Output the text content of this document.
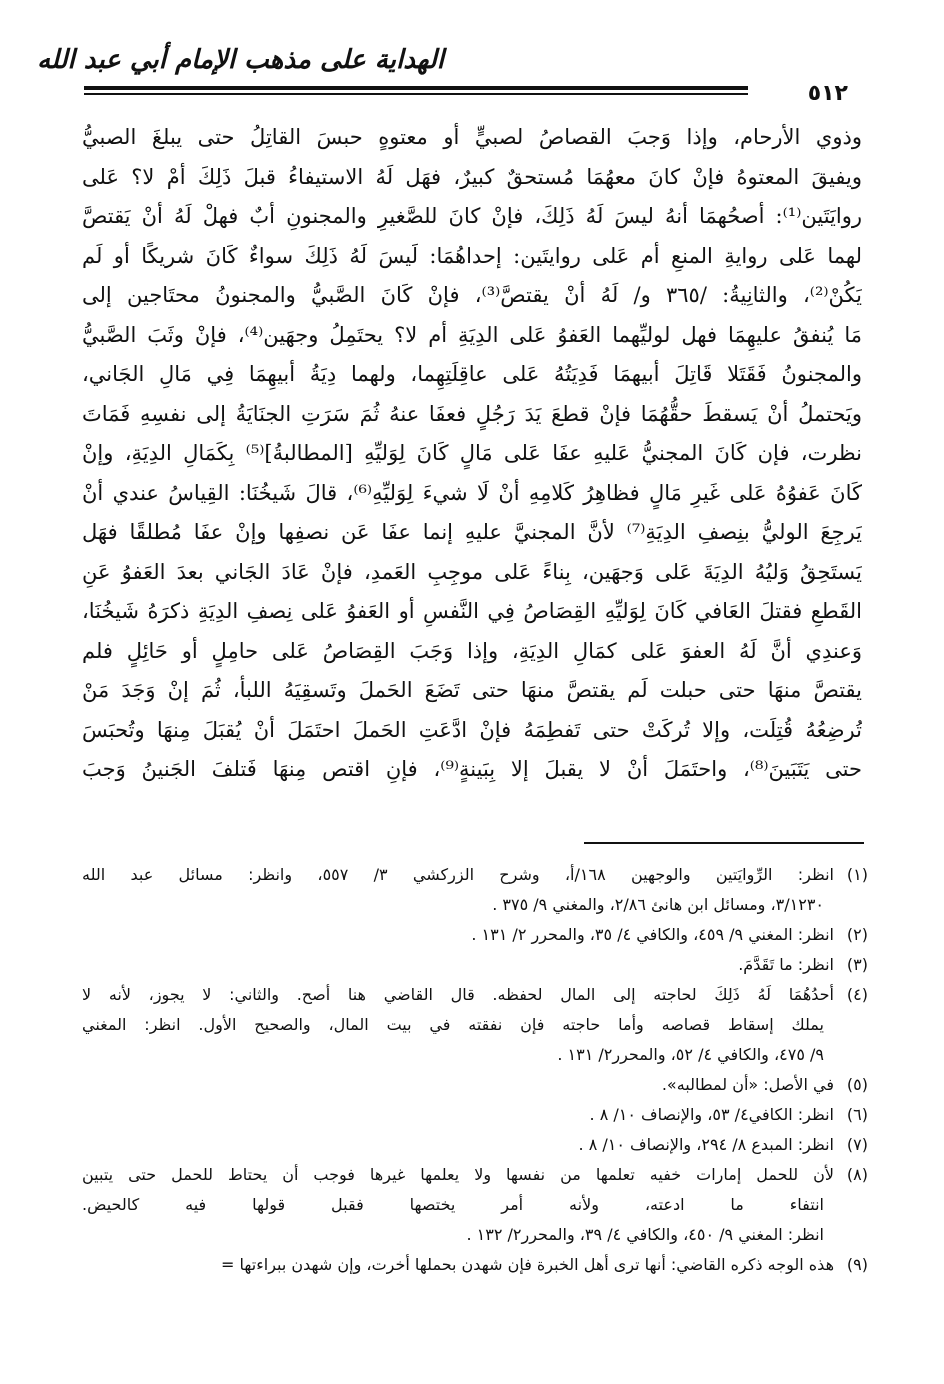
الهداية على مذهب الإمام أبي عبد الله
٥١٢
وذوي الأرحام، وإذا وَجبَ القصاصُ لصبيٍّ أو معتوهٍ حبسَ القاتِلُ حتى يبلغَ الصبيُّ
ويفيقَ المعتوهُ فإنْ كانَ معهُمَا مُستحقٌ كبيرٌ، فهَل لَهُ الاستيفاءُ قبلَ ذَلِكَ أمْ لا؟ عَلى
روايَتَين⁽¹⁾: أصحُهمَا أنهُ ليسَ لَهُ ذَلِكَ، فإنْ كانَ للصَّغيرِ والمجنونِ أبٌ فهلْ لَهُ أنْ يَقتصَّ
لهما عَلى روايةِ المنعِ أم عَلى روايتَين: إحداهُمَا: لَيسَ لَهُ ذَلِكَ سواءٌ كَانَ شريكًا أو لَم
يَكُنْ⁽²⁾، والثانِيةُ: /٣٦٥ و/ لَهُ أنْ يقتصَّ⁽³⁾، فإنْ كَانَ الصَّبيُّ والمجنونُ محتَاجين إلى
مَا يُنفقُ عليهِمَا فهل لوليِّهما العَفوُ عَلى الدِيَةِ أم لا؟ يحتَمِلُ وجهَين⁽⁴⁾، فإنْ وثَبَ الصَّبيُّ
والمجنونُ فَقَتَلا قَاتِلَ أبيهمَا فَدِيَتُهُ عَلى عاقِلَتِهِما، ولهما دِيَةُ أبيهِمَا فِي مَالِ الجَاني،
ويَحتملُ أنْ يَسقطَ حقُّهُمَا فإنْ قطعَ يَدَ رَجُلٍ فعفَا عنهُ ثُمَ سَرَتِ الجنَايَةُ إلى نفسِهِ فَمَاتَ
نظرت، فإن كَانَ المجنيُّ عَليهِ عفَا عَلى مَالٍ كَانَ لِوَليِّهِ [المطالبةُ]⁽⁵⁾ بِكَمَالِ الدِيَةِ، وإنْ
كَانَ عَفوُهُ عَلى غَيرِ مَالٍ فظاهِرُ كَلامِهِ أنْ لَا شيءَ لِوَليِّهِ⁽⁶⁾، قالَ شَيخُنَا: القِياسُ عندي أنْ
يَرجِعَ الوليُّ بنِصفِ الدِيَةِ⁽⁷⁾ لأنَّ المجنيَّ عليهِ إنما عفَا عَن نصفِها وإنْ عفَا مُطلقًا فهَل
يَستَحِقُ وَليُهُ الدِيَةَ عَلى وَجهَين، بِناءً عَلى موجِبِ العَمدِ، فإنْ عَادَ الجَاني بعدَ العَفوُ عَنِ
القَطعِ فقتلَ العَافي كَانَ لِوَليِّهِ القِصَاصُ فِي النَّفسِ أو العَفوُ عَلى نِصفِ الدِيَةِ ذكرَهُ شَيخُنَا،
وَعندِي أنَّ لَهُ العفوَ عَلى كمَالِ الدِيَةِ، وإذا وَجَبَ القِصَاصُ عَلى حامِلٍ أو حَائِلٍ فلم
يقتصَّ منهَا حتى حبلت لَم يقتصَّ منهَا حتى تَضَعَ الحَملَ وتَسقِيَهُ اللبأ، ثُمَ إنْ وَجَدَ مَنْ
تُرضِعُهُ قُتِلَت، وإلا تُركَتْ حتى تَفطِمَهُ فإنْ ادَّعَتِ الحَملَ احتَمَلَ أنْ يُقبَلَ مِنهَا وتُحبَسَ
حتى يَتَبَينَ⁽⁸⁾، واحتَمَلَ أنْ لا يقبلَ إلا بِبَينةٍ⁽⁹⁾، فإنِ اقتص مِنهَا فَتلفَ الجَنينُ وَجبَ
(١)
انظر: الرِّوايَتين والوجهين ١٦٨/أ، وشرح الزركشي ٣/ ٥٥٧، وانظر: مسائل عبد الله
٣/١٢٣٠، ومسائل ابن هانئ ٢/٨٦، والمغني ٩/ ٣٧٥ .
(٢)
انظر: المغني ٩/ ٤٥٩، والكافي ٤/ ٣٥، والمحرر ٢/ ١٣١ .
(٣)
انظر: ما تَقَدَّمَ.
(٤)
أحدُهُمَا لَهُ ذَلِكَ لحاجته إلى المال لحفظه. قال القاضي هنا أصح. والثاني: لا يجوز، لأنه لا
يملك إسقاط قصاصه وأما حاجته فإن نفقته في بيت المال، والصحيح الأول. انظر: المغني
٩/ ٤٧٥، والكافي ٤/ ٥٢، والمحرر٢/ ١٣١ .
(٥)
في الأصل: «أن لمطالبه».
(٦)
انظر: الكافي٤/ ٥٣، والإنصاف ١٠/ ٨ .
(٧)
انظر: المبدع ٨/ ٢٩٤، والإنصاف ١٠/ ٨ .
(٨)
لأن للحمل إمارات خفيه تعلمها من نفسها ولا يعلمها غيرها فوجب أن يحتاط للحمل حتى يتبين
انتفاء ما ادعته، ولأنه أمر يختصها فقبل قولها فيه كالحيض.
انظر: المغني ٩/ ٤٥٠، والكافي ٤/ ٣٩، والمحرر٢/ ١٣٢ .
(٩)
هذه الوجه ذكره القاضي: أنها ترى أهل الخبرة فإن شهدن بحملها أخرت، وإن شهدن ببراءتها =
